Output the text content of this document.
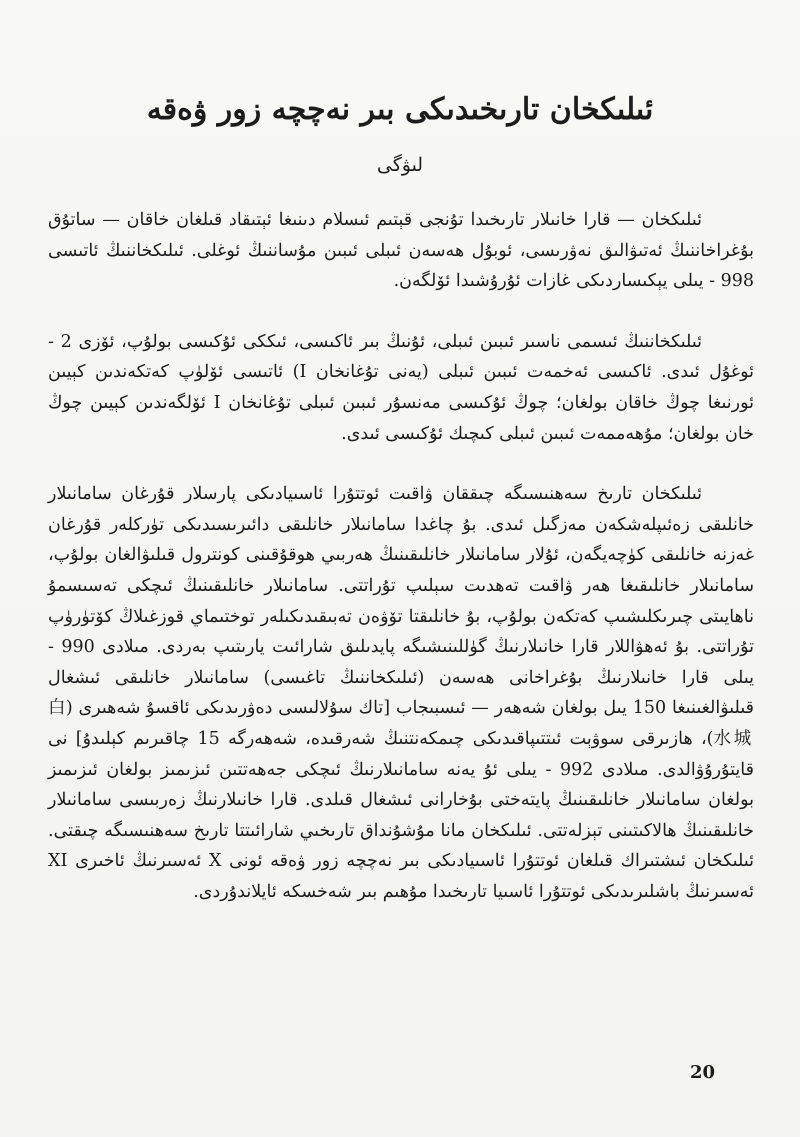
ئىلىكخان تارىخىدىكى بىر نەچچە زور ۋەقە
لىۋگى

ئىلىكخان — قارا خانىلار تارىخىدا تۇنجى قېتىم ئىسلام دىنىغا ئېتىقاد قىلغان خاقان — ساتۇق بۇغراخاننىڭ ئەتىۋالىق نەۋرىسى، ئوبۇل ھەسەن ئىبلى ئىبىن مۇساننىڭ ئوغلى. ئىلىكخاننىڭ ئاتىسى 998 - يىلى يېكىساردىكى غازات ئۇرۇشىدا ئۆلگەن.

ئىلىكخاننىڭ ئىسمى ناسىر ئىبىن ئىبلى، ئۇنىڭ بىر ئاكىسى، ئىككى ئۇكىسى بولۇپ، ئۆزى 2 - ئوغۇل ئىدى. ئاكىسى ئەخمەت ئىبىن ئىبلى (يەنى تۇغانخان I) ئاتىسى ئۆلۈپ كەتكەندىن كېيىن ئورنىغا چوڭ خاقان بولغان؛ چوڭ ئۇكىسى مەنسۇر ئىبىن ئىبلى تۇغانخان I ئۆلگەندىن كېيىن چوڭ خان بولغان؛ مۇھەممەت ئىبىن ئىبلى كىچىك ئۇكىسى ئىدى.

ئىلىكخان تارىخ سەھنىسىگە چىققان ۋاقىت ئوتتۇرا ئاسىيادىكى پارسلار قۇرغان سامانىلار خانلىقى زەئىپلەشكەن مەزگىل ئىدى. بۇ چاغدا سامانىلار خانلىقى دائىرىسىدىكى تۈركلەر قۇرغان غەزنە خانلىقى كۈچەيگەن، ئۇلار سامانىلار خانلىقىنىڭ ھەربىي ھوقۇقىنى كونترول قىلىۋالغان بولۇپ، سامانىلار خانلىقىغا ھەر ۋاقىت تەھدىت سېلىپ تۇراتتى. سامانىلار خانلىقىنىڭ ئىچكى تەسىسمۇ ناھايىتى چىرىكلىشىپ كەتكەن بولۇپ، بۇ خانلىقتا تۆۋەن تەبىقىدىكىلەر توختىماي قوزغىلاڭ كۆتۈرۈپ تۇراتتى. بۇ ئەھۋاللار قارا خانىلارنىڭ گۈللىنىشىگە پايدىلىق شارائىت يارىتىپ بەردى. مىلادى 990 - يىلى قارا خانىلارنىڭ بۇغراخانى ھەسەن (ئىلىكخاننىڭ تاغىسى) سامانىلار خانلىقى ئىشغال قىلىۋالغىنىغا 150 يىل بولغان شەھەر — ئىسبىجاب [تاك سۇلالىسى دەۋرىدىكى ئاقسۇ شەھىرى (白水城)، ھازىرقى سوۋېت ئىتتىپاقىدىكى چىمكەنتنىڭ شەرقىدە، شەھەرگە 15 چاقىرىم كېلىدۇ] نى قايتۇرۇۋالدى. مىلادى 992 - يىلى ئۇ يەنە سامانىلارنىڭ ئىچكى جەھەتتىن ئىزىمىز بولغان ئىزىمىز بولغان سامانىلار خانلىقىنىڭ پايتەختى بۇخارانى ئىشغال قىلدى. قارا خانىلارنىڭ زەربىسى سامانىلار خانلىقىنىڭ ھالاكىتىنى تېزلەتتى. ئىلىكخان مانا مۇشۇنداق تارىخىي شارائىتتا تارىخ سەھنىسىگە چىقتى. ئىلىكخان ئىشتىراك قىلغان ئوتتۇرا ئاسىيادىكى بىر نەچچە زور ۋەقە ئونى X ئەسىرنىڭ ئاخىرى XI ئەسىرنىڭ باشلىرىدىكى ئوتتۇرا ئاسىيا تارىخىدا مۇھىم بىر شەخسكە ئايلاندۇردى.

20
